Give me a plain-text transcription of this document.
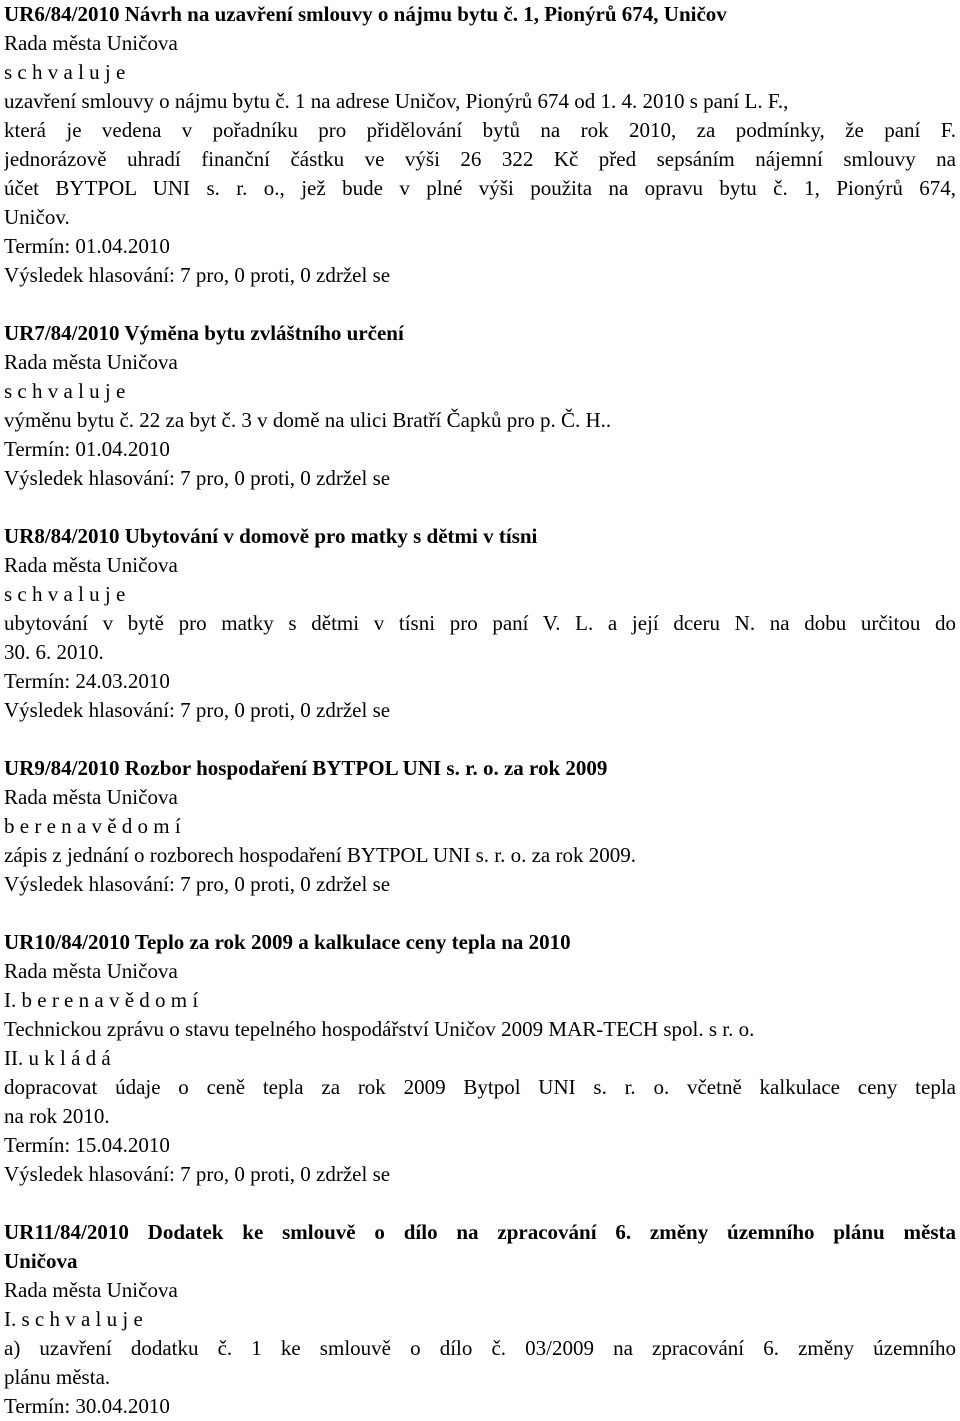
UR6/84/2010 Návrh na uzavření smlouvy o nájmu bytu č. 1, Pionýrů 674, Uničov
Rada města Uničova
s c h v a l u j e
uzavření smlouvy o nájmu bytu č. 1 na adrese Uničov, Pionýrů 674 od 1. 4. 2010 s paní L. F.,
která je vedena v pořadníku pro přidělování bytů na rok 2010, za podmínky, že paní F.
jednorázově uhradí finanční částku ve výši 26 322 Kč před sepsáním nájemní smlouvy na
účet BYTPOL UNI s. r. o., jež bude v plné výši použita na opravu bytu č. 1, Pionýrů 674,
Uničov.
Termín: 01.04.2010
Výsledek hlasování: 7 pro, 0 proti, 0 zdržel se
UR7/84/2010 Výměna bytu zvláštního určení
Rada města Uničova
s c h v a l u j e
výměnu bytu č. 22 za byt č. 3 v domě na ulici Bratří Čapků pro p. Č. H..
Termín: 01.04.2010
Výsledek hlasování: 7 pro, 0 proti, 0 zdržel se
UR8/84/2010 Ubytování v domově pro matky s dětmi v tísni
Rada města Uničova
s c h v a l u j e
ubytování v bytě pro matky s dětmi v tísni pro paní V. L. a její dceru N. na dobu určitou do
30. 6. 2010.
Termín: 24.03.2010
Výsledek hlasování: 7 pro, 0 proti, 0 zdržel se
UR9/84/2010 Rozbor hospodaření BYTPOL UNI s. r. o. za rok 2009
Rada města Uničova
b e r e n a v ě d o m í
zápis z jednání o rozborech hospodaření BYTPOL UNI s. r. o. za rok 2009.
Výsledek hlasování: 7 pro, 0 proti, 0 zdržel se
UR10/84/2010 Teplo za rok 2009 a kalkulace ceny tepla na 2010
Rada města Uničova
I. b e r e n a v ě d o m í
Technickou zprávu o stavu tepelného hospodářství Uničov 2009 MAR-TECH spol. s r. o.
II. u k l á d á
dopracovat údaje o ceně tepla za rok 2009 Bytpol UNI s. r. o. včetně kalkulace ceny tepla
na rok 2010.
Termín: 15.04.2010
Výsledek hlasování: 7 pro, 0 proti, 0 zdržel se
UR11/84/2010 Dodatek ke smlouvě o dílo na zpracování 6. změny územního plánu města
Uničova
Rada města Uničova
I. s c h v a l u j e
a) uzavření dodatku č. 1 ke smlouvě o dílo č. 03/2009 na zpracování 6. změny územního
plánu města.
Termín: 30.04.2010
